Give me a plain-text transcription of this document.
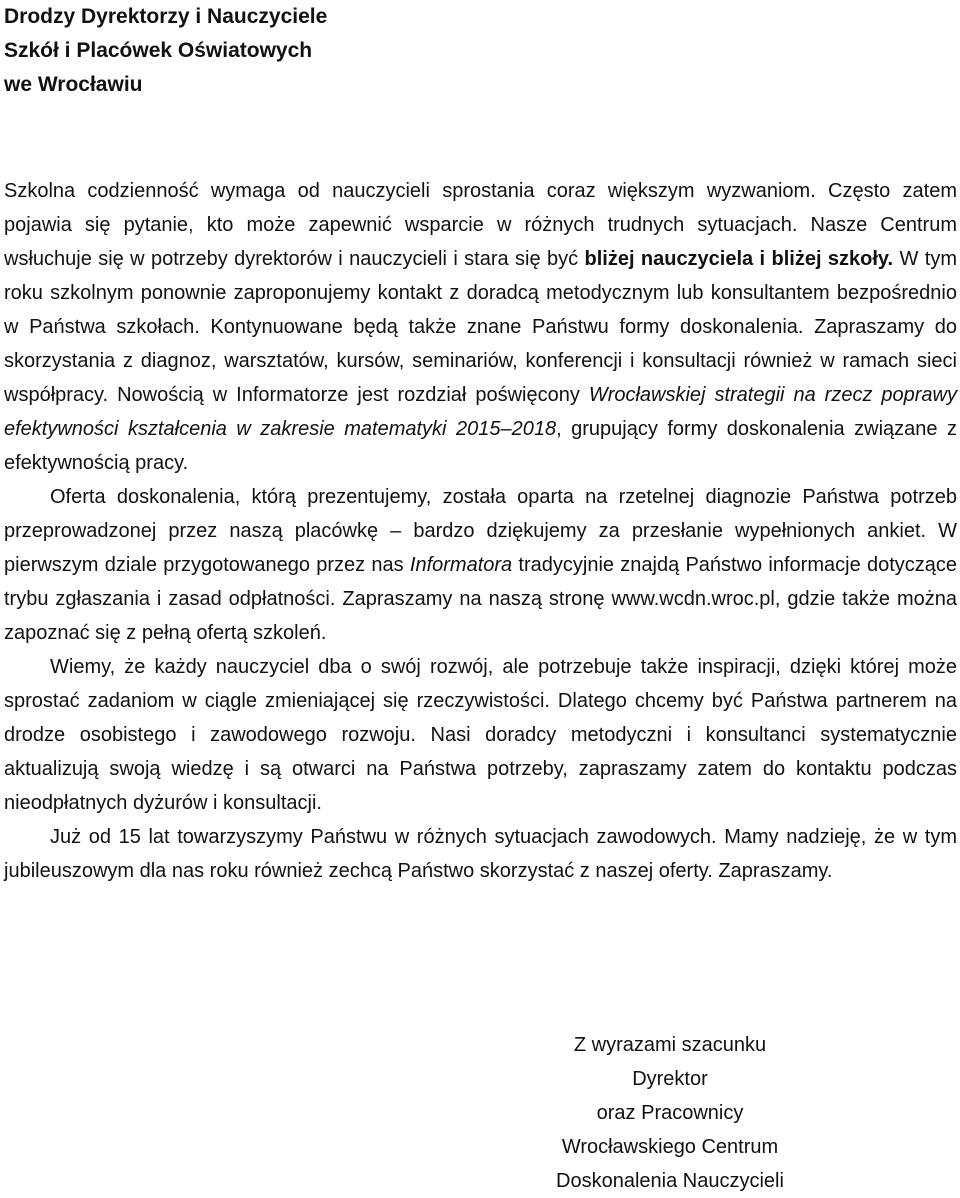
Drodzy Dyrektorzy i Nauczyciele
Szkół i Placówek Oświatowych
we Wrocławiu

Szkolna codzienność wymaga od nauczycieli sprostania coraz większym wyzwaniom. Często zatem pojawia się pytanie, kto może zapewnić wsparcie w różnych trudnych sytuacjach. Nasze Centrum wsłuchuje się w potrzeby dyrektorów i nauczycieli i stara się być bliżej nauczyciela i bliżej szkoły. W tym roku szkolnym ponownie zaproponujemy kontakt z doradcą metodycznym lub konsultantem bezpośrednio w Państwa szkołach. Kontynuowane będą także znane Państwu formy doskonalenia. Zapraszamy do skorzystania z diagnoz, warsztatów, kursów, seminariów, konferencji i konsultacji również w ramach sieci współpracy. Nowością w Informatorze jest rozdział poświęcony Wrocławskiej strategii na rzecz poprawy efektywności kształcenia w zakresie matematyki 2015–2018, grupujący formy doskonalenia związane z efektywnością pracy.

Oferta doskonalenia, którą prezentujemy, została oparta na rzetelnej diagnozie Państwa potrzeb przeprowadzonej przez naszą placówkę – bardzo dziękujemy za przesłanie wypełnionych ankiet. W pierwszym dziale przygotowanego przez nas Informatora tradycyjnie znajdą Państwo informacje dotyczące trybu zgłaszania i zasad odpłatności. Zapraszamy na naszą stronę www.wcdn.wroc.pl, gdzie także można zapoznać się z pełną ofertą szkoleń.

Wiemy, że każdy nauczyciel dba o swój rozwój, ale potrzebuje także inspiracji, dzięki której może sprostać zadaniom w ciągle zmieniającej się rzeczywistości. Dlatego chcemy być Państwa partnerem na drodze osobistego i zawodowego rozwoju. Nasi doradcy metodyczni i konsultanci systematycznie aktualizują swoją wiedzę i są otwarci na Państwa potrzeby, zapraszamy zatem do kontaktu podczas nieodpłatnych dyżurów i konsultacji.

Już od 15 lat towarzyszymy Państwu w różnych sytuacjach zawodowych. Mamy nadzieję, że w tym jubileuszowym dla nas roku również zechcą Państwo skorzystać z naszej oferty. Zapraszamy.

Z wyrazami szacunku
Dyrektor
oraz Pracownicy
Wrocławskiego Centrum
Doskonalenia Nauczycieli
